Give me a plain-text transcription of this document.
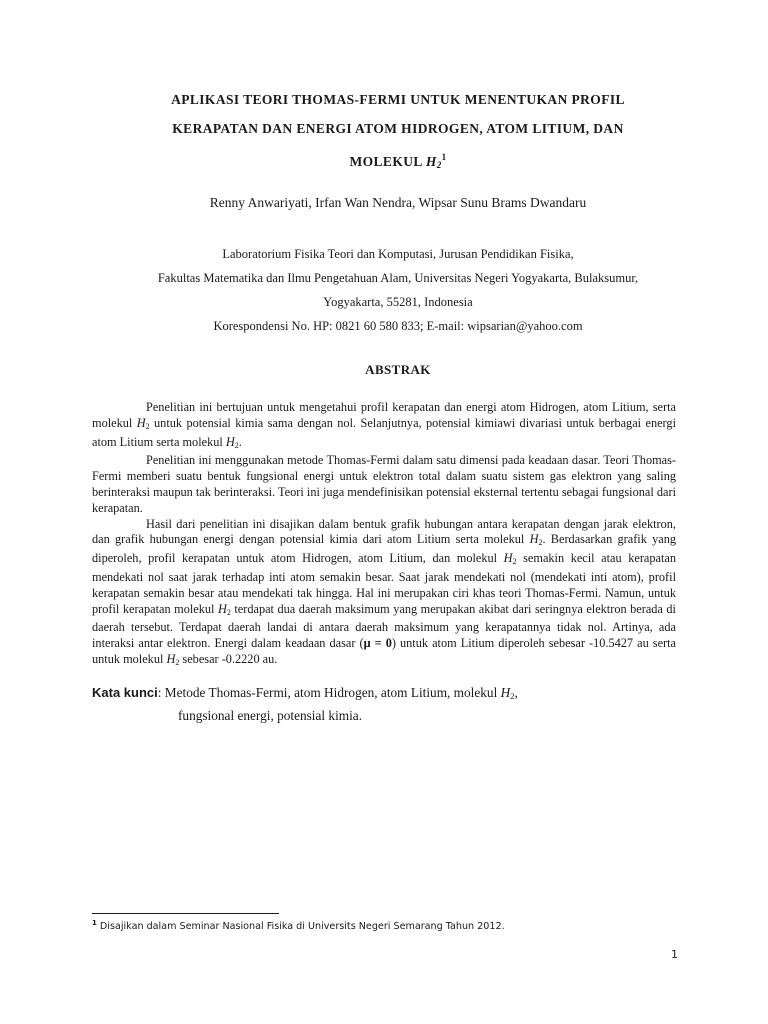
APLIKASI TEORI THOMAS-FERMI UNTUK MENENTUKAN PROFIL
KERAPATAN DAN ENERGI ATOM HIDROGEN, ATOM LITIUM, DAN
MOLEKUL $H_2^1$
Renny Anwariyati, Irfan Wan Nendra, Wipsar Sunu Brams Dwandaru
Laboratorium Fisika Teori dan Komputasi, Jurusan Pendidikan Fisika,
Fakultas Matematika dan Ilmu Pengetahuan Alam, Universitas Negeri Yogyakarta, Bulaksumur,
Yogyakarta, 55281, Indonesia
Korespondensi No. HP: 0821 60 580 833; E-mail: wipsarian@yahoo.com
ABSTRAK

Penelitian ini bertujuan untuk mengetahui profil kerapatan dan energi atom Hidrogen, atom Litium, serta molekul $H_2$ untuk potensial kimia sama dengan nol. Selanjutnya, potensial kimiawi divariasi untuk berbagai energi atom Litium serta molekul $H_2$.

Penelitian ini menggunakan metode Thomas-Fermi dalam satu dimensi pada keadaan dasar. Teori Thomas-Fermi memberi suatu bentuk fungsional energi untuk elektron total dalam suatu sistem gas elektron yang saling berinteraksi maupun tak berinteraksi. Teori ini juga mendefinisikan potensial eksternal tertentu sebagai fungsional dari kerapatan.

Hasil dari penelitian ini disajikan dalam bentuk grafik hubungan antara kerapatan dengan jarak elektron, dan grafik hubungan energi dengan potensial kimia dari atom Litium serta molekul $H_2$. Berdasarkan grafik yang diperoleh, profil kerapatan untuk atom Hidrogen, atom Litium, dan molekul $H_2$ semakin kecil atau kerapatan mendekati nol saat jarak terhadap inti atom semakin besar. Saat jarak mendekati nol (mendekati inti atom), profil kerapatan semakin besar atau mendekati tak hingga. Hal ini merupakan ciri khas teori Thomas-Fermi. Namun, untuk profil kerapatan molekul $H_2$ terdapat dua daerah maksimum yang merupakan akibat dari seringnya elektron berada di daerah tersebut. Terdapat daerah landai di antara daerah maksimum yang kerapatannya tidak nol. Artinya, ada interaksi antar elektron. Energi dalam keadaan dasar (μ = 0) untuk atom Litium diperoleh sebesar -10.5427 au serta untuk molekul $H_2$ sebesar -0.2220 au.

Kata kunci: Metode Thomas-Fermi, atom Hidrogen, atom Litium, molekul $H_2$,
fungsional energi, potensial kimia.
$^1$ Disajikan dalam Seminar Nasional Fisika di Universits Negeri Semarang Tahun 2012.
1
